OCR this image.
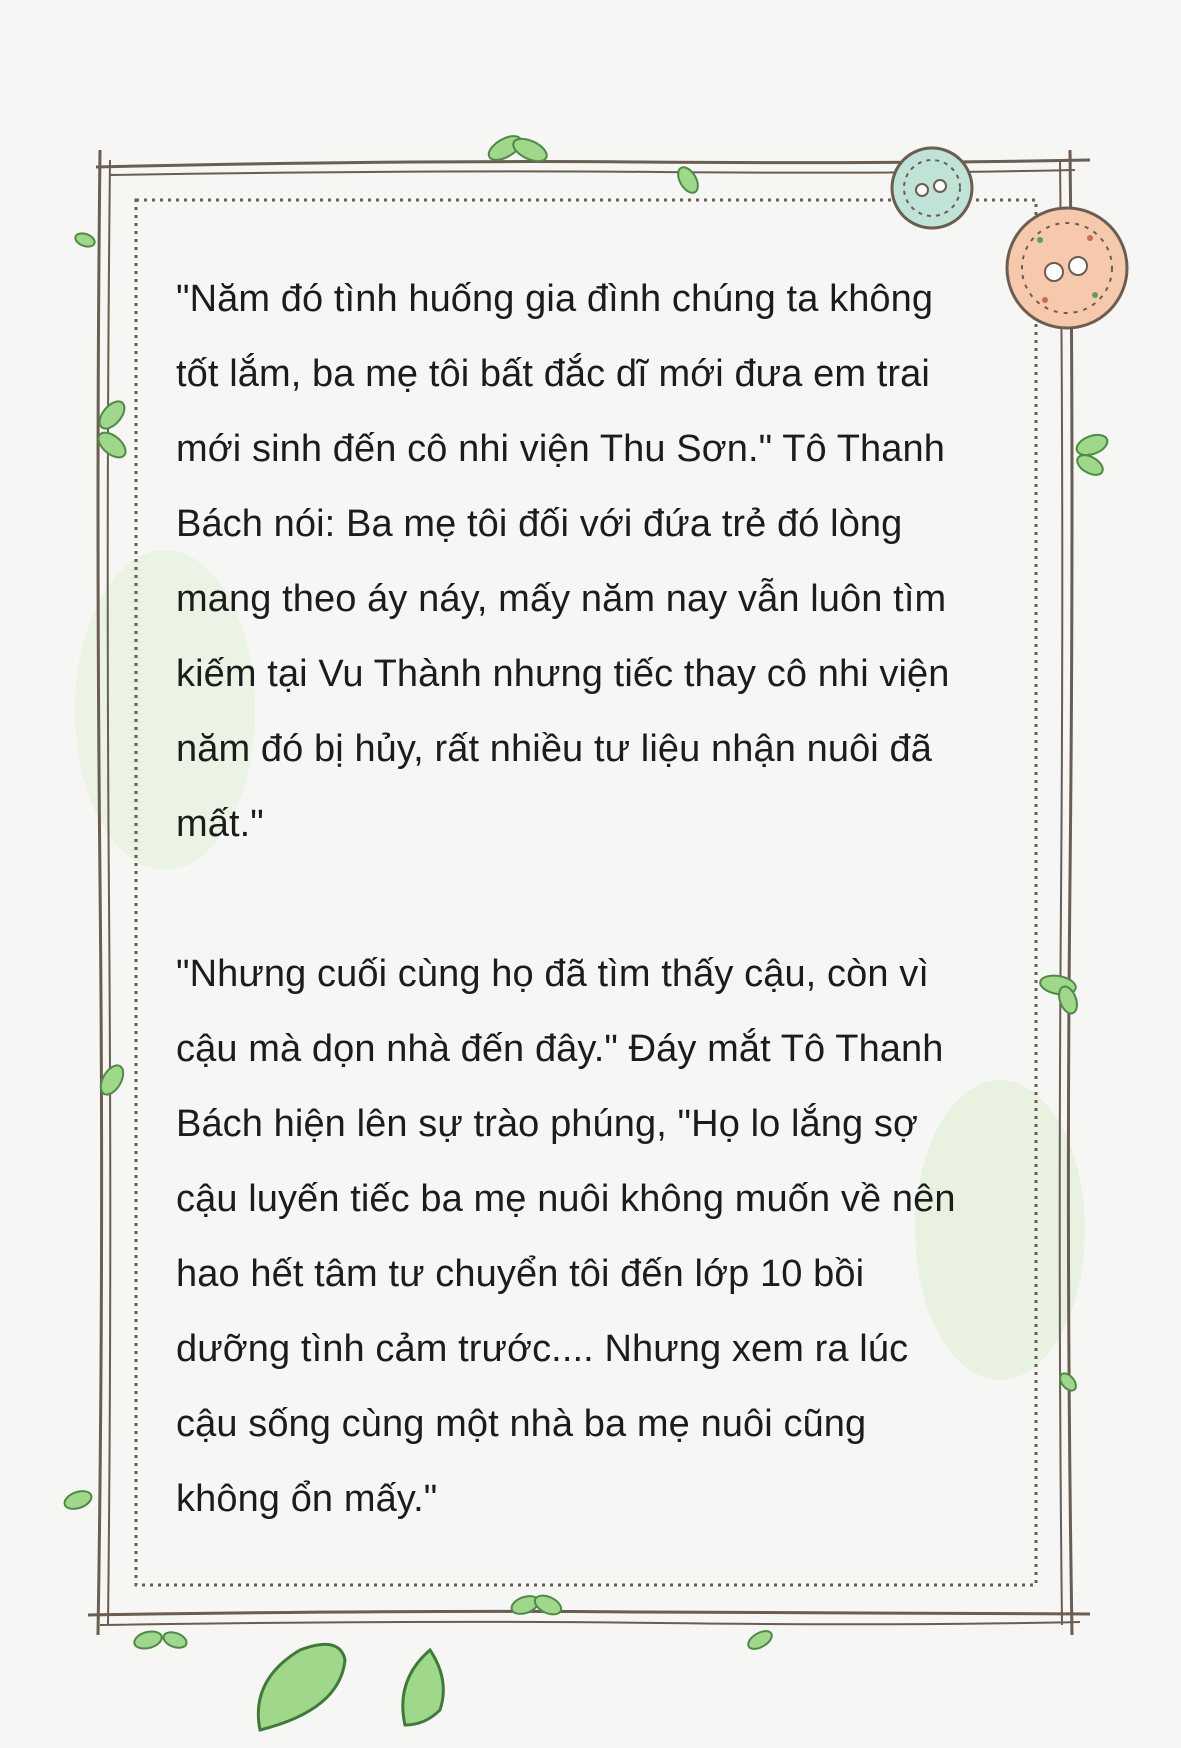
"Năm đó tình huống gia đình chúng ta không tốt lắm, ba mẹ tôi bất đắc dĩ mới đưa em trai mới sinh đến cô nhi viện Thu Sơn." Tô Thanh Bách nói: Ba mẹ tôi đối với đứa trẻ đó lòng mang theo áy náy, mấy năm nay vẫn luôn tìm kiếm tại Vu Thành nhưng tiếc thay cô nhi viện năm đó bị hủy, rất nhiều tư liệu nhận nuôi đã mất."

"Nhưng cuối cùng họ đã tìm thấy cậu, còn vì cậu mà dọn nhà đến đây." Đáy mắt Tô Thanh Bách hiện lên sự trào phúng, "Họ lo lắng sợ cậu luyến tiếc ba mẹ nuôi không muốn về nên hao hết tâm tư chuyển tôi đến lớp 10 bồi dưỡng tình cảm trước.... Nhưng xem ra lúc cậu sống cùng một nhà ba mẹ nuôi cũng không ổn mấy."
